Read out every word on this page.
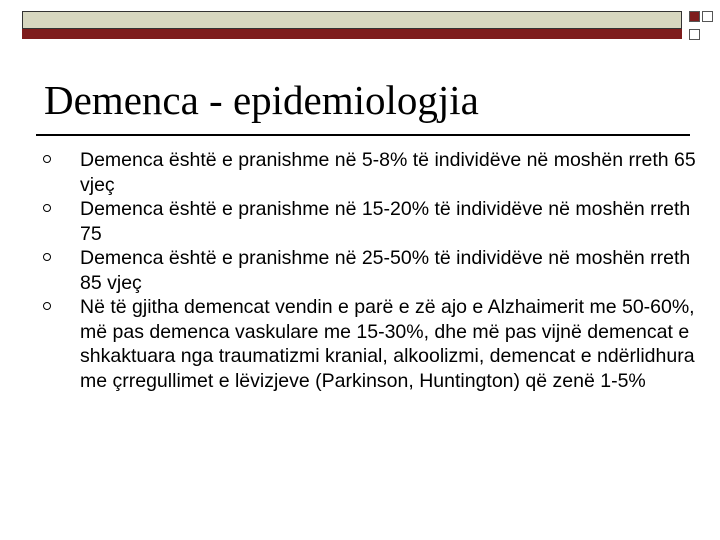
Demenca - epidemiologjia
Demenca është e pranishme në 5-8% të individëve në moshën rreth 65 vjeç
Demenca është e pranishme në 15-20% të individëve në moshën rreth 75
Demenca është e pranishme në 25-50% të individëve në moshën rreth 85 vjeç
Në të gjitha demencat vendin e parë e zë ajo e Alzhaimerit me 50-60%, më pas demenca vaskulare me 15-30%, dhe më pas vijnë demencat e shkaktuara nga traumatizmi kranial, alkoolizmi, demencat e ndërlidhura me çrregullimet e lëvizjeve (Parkinson, Huntington) që zenë 1-5%
